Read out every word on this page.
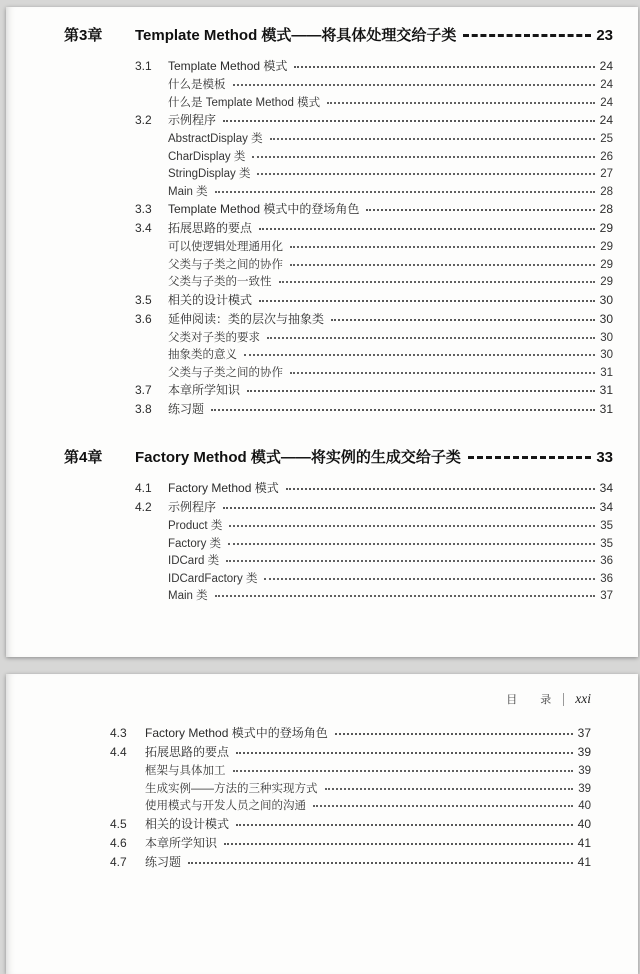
第3章	Template Method 模式——将具体处理交给子类	23
3.1	Template Method 模式	24
什么是模板	24
什么是 Template Method 模式	24
3.2	示例程序	24
AbstractDisplay 类	25
CharDisplay 类	26
StringDisplay 类	27
Main 类	28
3.3	Template Method 模式中的登场角色	28
3.4	拓展思路的要点	29
可以使逻辑处理通用化	29
父类与子类之间的协作	29
父类与子类的一致性	29
3.5	相关的设计模式	30
3.6	延伸阅读：类的层次与抽象类	30
父类对子类的要求	30
抽象类的意义	30
父类与子类之间的协作	31
3.7	本章所学知识	31
3.8	练习题	31
第4章	Factory Method 模式——将实例的生成交给子类	33
4.1	Factory Method 模式	34
4.2	示例程序	34
Product 类	35
Factory 类	35
IDCard 类	36
IDCardFactory 类	36
Main 类	37
目　录 xxi
4.3	Factory Method 模式中的登场角色	37
4.4	拓展思路的要点	39
框架与具体加工	39
生成实例——方法的三种实现方式	39
使用模式与开发人员之间的沟通	40
4.5	相关的设计模式	40
4.6	本章所学知识	41
4.7	练习题	41
